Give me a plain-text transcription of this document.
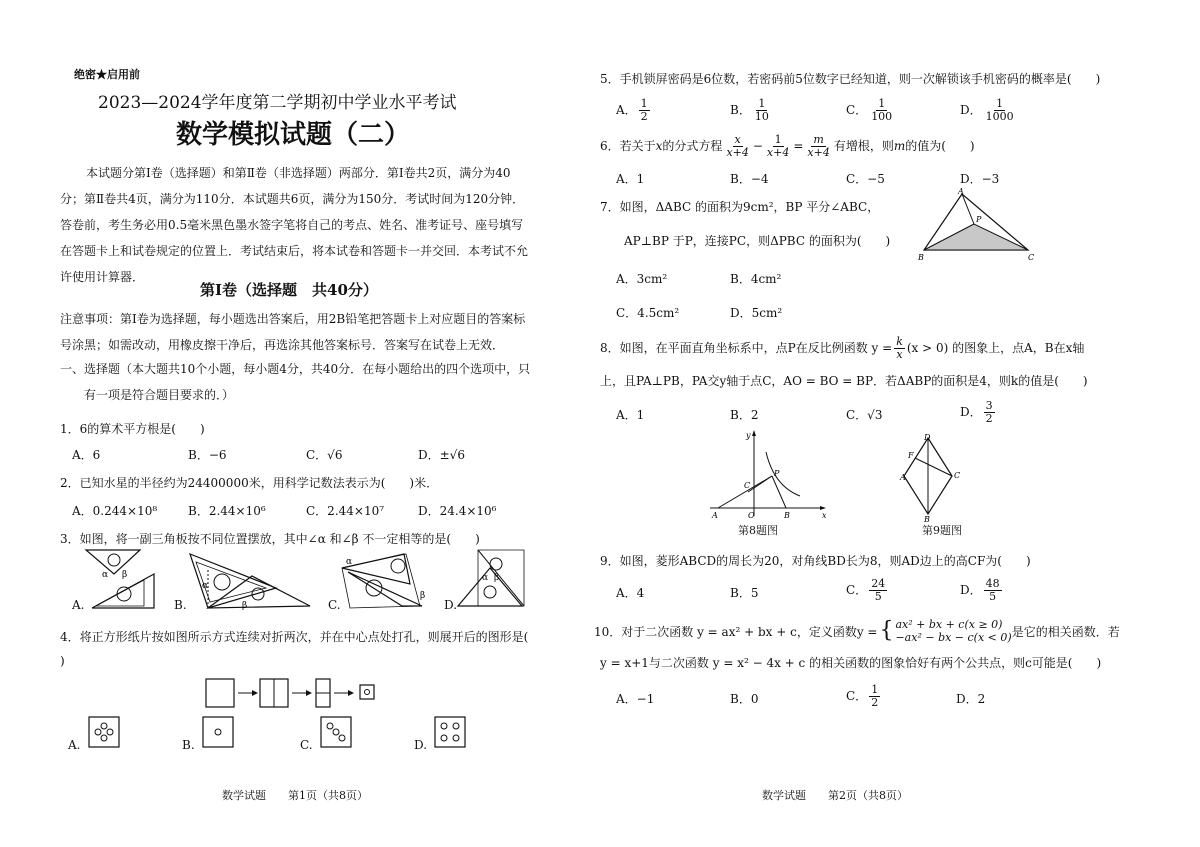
绝密★启用前
2023—2024学年度第二学期初中学业水平考试
数学模拟试题（二）
本试题分第Ⅰ卷（选择题）和第Ⅱ卷（非选择题）两部分．第Ⅰ卷共2页，满分为40分；第Ⅱ卷共4页，满分为110分．本试题共6页，满分为150分．考试时间为120分钟．答卷前，考生务必用0.5毫米黑色墨水签字笔将自己的考点、姓名、准考证号、座号填写在答题卡上和试卷规定的位置上．考试结束后，将本试卷和答题卡一并交回．本考试不允许使用计算器．
第Ⅰ卷（选择题　共40分）
注意事项：第Ⅰ卷为选择题，每小题选出答案后，用2B铅笔把答题卡上对应题目的答案标号涂黑；如需改动，用橡皮擦干净后，再选涂其他答案标号．答案写在试卷上无效．
一、选择题（本大题共10个小题，每小题4分，共40分．在每小题给出的四个选项中，只
有一项是符合题目要求的．）
1．6的算术平方根是(　　)
A．6	B．−6	C．√6	D．±√6
2．已知水星的半径约为24400000米，用科学记数法表示为(　　)米．
A．0.244×10⁸	B．2.44×10⁶	C．2.44×10⁷	D．24.4×10⁶
3．如图，将一副三角板按不同位置摆放，其中∠α 和∠β 不一定相等的是(　　)
A.
α β
B.
α
β	C.
α
β
D.
α β
4．将正方形纸片按如图所示方式连续对折两次，并在中心点处打孔，则展开后的图形是(
)
A.	B.	C.	D.
数学试题　　第1页（共8页）
5．手机锁屏密码是6位数，若密码前5位数字已经知道，则一次解锁该手机密码的概率是(　　)
A． $\frac{1}{2}$	B． $\frac{1}{10}$	C． $\frac{1}{100}$	D． $\frac{1}{1000}$
6．若关于x的分式方程 $\frac{x}{x+4} - \frac{1}{x+4} = \frac{m}{x+4}$ 有增根，则m的值为(　　)
A．1	B．−4	C．−5	D．−3
7．如图，ΔABC 的面积为9cm²，BP 平分∠ABC，
AP⊥BP 于P，连接PC，则ΔPBC 的面积为(　　)
A
B	C
P
A．3cm²	B．4cm²
C．4.5cm²	D．5cm²
8．如图，在平面直角坐标系中，点P在反比例函数 $y = \frac{k}{x} (x > 0)$ 的图象上，点A，B在x轴
上，且PA⊥PB，PA交y轴于点C，AO = BO = BP．若ΔABP的面积是4，则k的值是(　　)
A．1	B．2	C．√3	D． $\frac{3}{2}$
y
x
A	O	B
C
P
第8题图
D
C
A
B
F
第9题图
9．如图，菱形ABCD的周长为20，对角线BD长为8，则AD边上的高CF为(　　)
A．4	B．5	C． $\frac{24}{5}$	D． $\frac{48}{5}$
10．对于二次函数 y = ax² + bx + c，定义函数y = { ax² + bx + c(x ≥ 0)
−ax² − bx − c(x < 0) 是它的相关函数．若
y = x+1与二次函数 y = x² − 4x + c 的相关函数的图象恰好有两个公共点，则c可能是(　　)
A．−1	B．0	C． $\frac{1}{2}$	D．2
数学试题　　第2页（共8页）
